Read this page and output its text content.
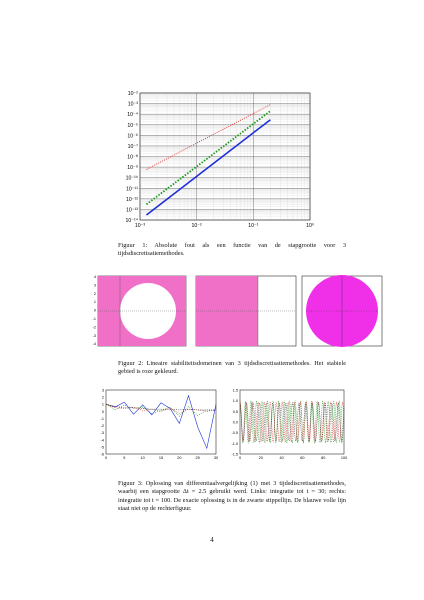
10⁻¹⁴
10⁻¹²
10⁻¹⁰
10⁻⁸
10⁻⁶
10⁻⁴
10⁻²
10⁻¹³
10⁻¹¹
10⁻⁹
10⁻⁷
10⁻⁵
10⁻³
10⁻³	10⁻²	10⁻¹	10⁰
Figuur 1: Absolute fout als een functie van de stapgrootte voor 3 tijdsdiscretisatiemethodes.
4
3
2
1
0
-1
-2
-3
-4
Figuur 2: Lineaire stabiliteitsdomeinen van 3 tijdsdiscretisatiemethodes. Het stabiele gebied is roze gekleurd.
3
2
1
0
-1
-2
-3
-4
-5
-6
0	5	10	15	20	25	30
1.5
1.0
0.5
0.0
-0.5
-1.0
-1.5
0	20	40	60	80	100
Figuur 3: Oplossing van differentiaalvergelijking (1) met 3 tijdsdiscretisatiemethodes, waarbij een stapgrootte Δt = 2.5 gebruikt werd. Links: integratie tot t = 30; rechts: integratie tot t = 100. De exacte oplossing is in de zwarte stippellijn. De blauwe volle lijn staat niet op de rechterfiguur.
4
